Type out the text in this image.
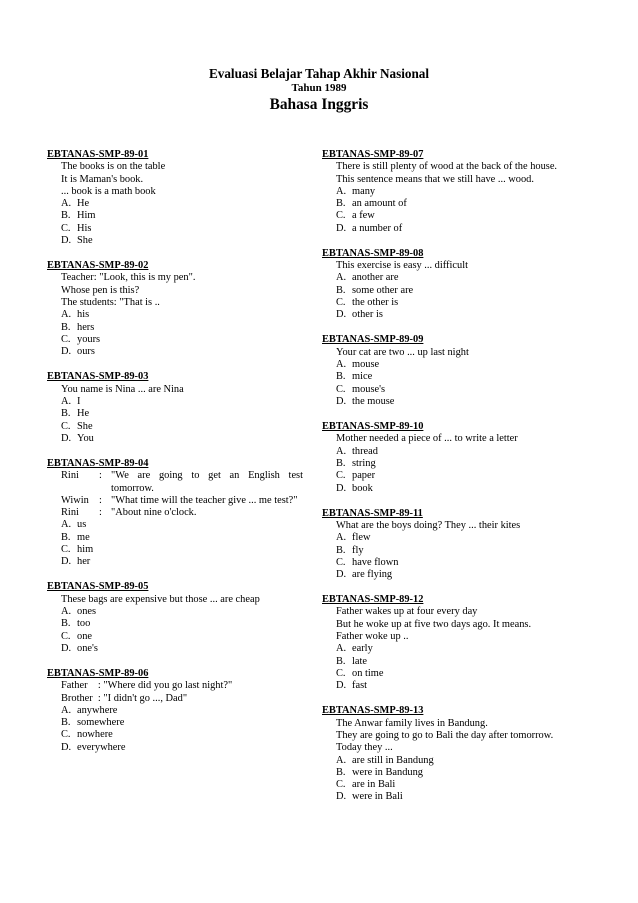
Evaluasi Belajar Tahap Akhir Nasional
Tahun 1989
Bahasa Inggris
EBTANAS-SMP-89-01
The books is on the table
It is Maman's book.
... book is a math book
A. He
B. Him
C. His
D. She
EBTANAS-SMP-89-02
Teacher: "Look, this is my pen".
Whose pen is this?
The students: "That is ..
A. his
B. hers
C. yours
D. ours
EBTANAS-SMP-89-03
You name is Nina ... are Nina
A. I
B. He
C. She
D. You
EBTANAS-SMP-89-04
Rini	: "We are going to get an English test tomorrow.
Wiwin : "What time will the teacher give ... me test?"
Rini	: "About nine o'clock.
A. us
B. me
C. him
D. her
EBTANAS-SMP-89-05
These bags are expensive but those ... are cheap
A. ones
B. too
C. one
D. one's
EBTANAS-SMP-89-06
Father    : "Where did you go last night?"
Brother  : "I didn't go ..., Dad"
A. anywhere
B. somewhere
C. nowhere
D. everywhere
EBTANAS-SMP-89-07
There is still plenty of wood at the back of the house.
This sentence means that we still have ... wood.
A. many
B. an amount of
C. a few
D. a number of
EBTANAS-SMP-89-08
This exercise is easy ... difficult
A. another are
B. some other are
C. the other is
D. other is
EBTANAS-SMP-89-09
Your cat are two ... up last night
A. mouse
B. mice
C. mouse's
D. the mouse
EBTANAS-SMP-89-10
Mother needed a piece of ... to write a letter
A. thread
B. string
C. paper
D. book
EBTANAS-SMP-89-11
What are the boys doing? They ... their kites
A. flew
B. fly
C. have flown
D. are flying
EBTANAS-SMP-89-12
Father wakes up at four every day
But he woke up at five two days ago. It means.
Father woke up ..
A. early
B. late
C. on time
D. fast
EBTANAS-SMP-89-13
The Anwar family lives in Bandung.
They are going to go to Bali the day after tomorrow.
Today they ...
A. are still in Bandung
B. were in Bandung
C. are in Bali
D. were in Bali
